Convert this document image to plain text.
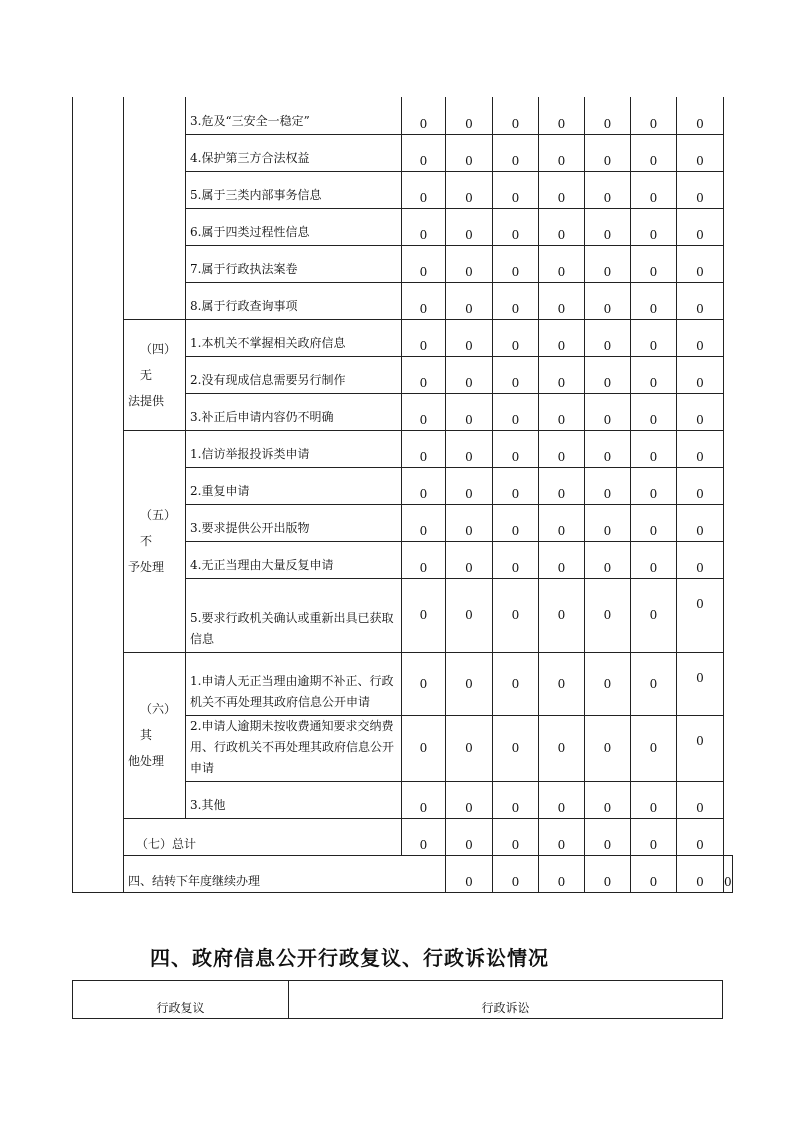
		3.危及“三安全一稳定”	0	0	0	0	0	0	0	
		4.保护第三方合法权益	0	0	0	0	0	0	0	
		5.属于三类内部事务信息	0	0	0	0	0	0	0	
		6.属于四类过程性信息	0	0	0	0	0	0	0	
		7.属于行政执法案卷	0	0	0	0	0	0	0	
		8.属于行政查询事项	0	0	0	0	0	0	0	

	（四）无
法提供	1.本机关不掌握相关政府信息	0	0	0	0	0	0	0	
		2.没有现成信息需要另行制作	0	0	0	0	0	0	0	
		3.补正后申请内容仍不明确	0	0	0	0	0	0	0	

	（五）不
予处理	1.信访举报投诉类申请	0	0	0	0	0	0	0	
		2.重复申请	0	0	0	0	0	0	0	
		3.要求提供公开出版物	0	0	0	0	0	0	0	
		4.无正当理由大量反复申请	0	0	0	0	0	0	0	
		5.要求行政机关确认或重新出具已获取信息	0	0	0	0	0	0	0	

	（六）其
他处理	1.申请人无正当理由逾期不补正、行政机关不再处理其政府信息公开申请	0	0	0	0	0	0	0	
		2.申请人逾期未按收费通知要求交纳费用、行政机关不再处理其政府信息公开申请	0	0	0	0	0	0	0	
		3.其他	0	0	0	0	0	0	0	
	（七）总计		0	0	0	0	0	0	0	
	四、结转下年度继续办理			0	0	0	0	0	0	0
四、政府信息公开行政复议、行政诉讼情况
行政复议	行政诉讼
